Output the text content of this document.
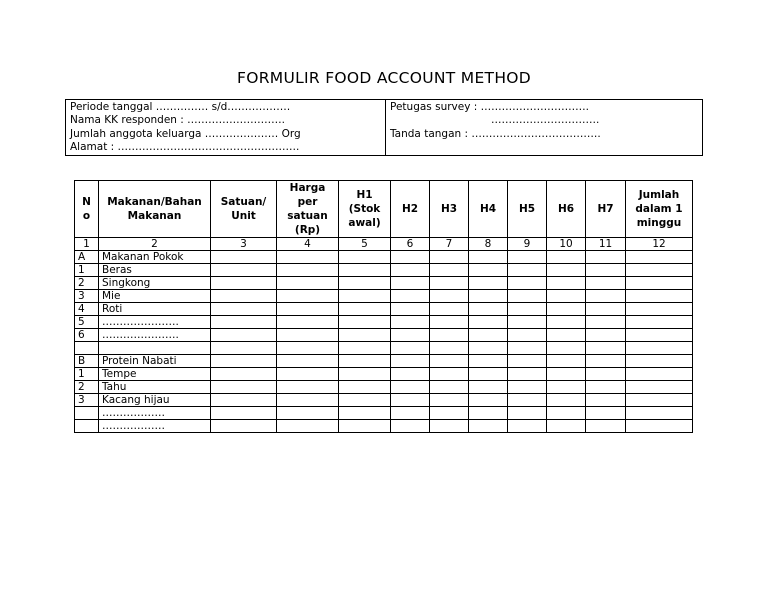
FORMULIR FOOD ACCOUNT METHOD
Periode tanggal …………… s/d………………
Nama KK responden : ……………………….
Jumlah anggota keluarga ………………… Org
Alamat : …………………………………………….
Petugas survey : ………………………….
………………………….
Tanda tangan : ……………………………….
N o	Makanan/Bahan Makanan	Satuan/ Unit	Harga per satuan (Rp)	H1 (Stok awal)	H2	H3	H4	H5	H6	H7	Jumlah dalam 1 minggu
1	2	3	4	5	6	7	8	9	10	11	12
A	Makanan Pokok										
1	Beras										
2	Singkong										
3	Mie										
4	Roti										
5	………………….										
6	………………….										

B	Protein Nabati										
1	Tempe										
2	Tahu										
3	Kacang hijau										
	………………										
	………………										
